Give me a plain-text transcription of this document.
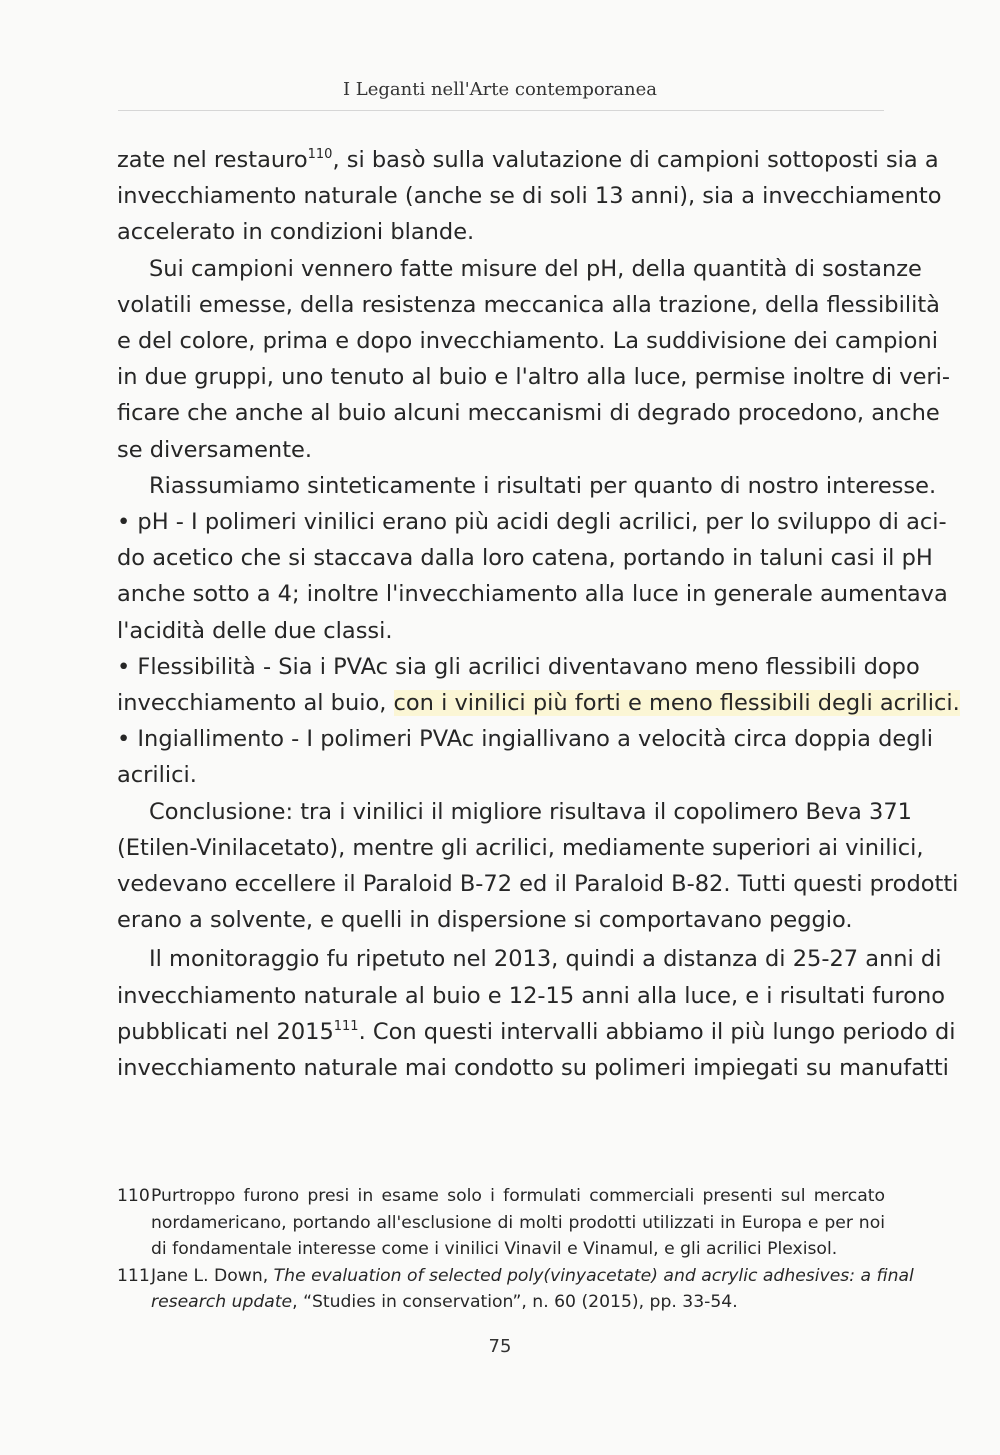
I Leganti nell'Arte contemporanea
zate nel restauro$^{110}$, si basò sulla valutazione di campioni sottoposti sia a
invecchiamento naturale (anche se di soli 13 anni), sia a invecchiamento
accelerato in condizioni blande.
Sui campioni vennero fatte misure del pH, della quantità di sostanze
volatili emesse, della resistenza meccanica alla trazione, della flessibilità
e del colore, prima e dopo invecchiamento. La suddivisione dei campioni
in due gruppi, uno tenuto al buio e l'altro alla luce, permise inoltre di veri-
ficare che anche al buio alcuni meccanismi di degrado procedono, anche
se diversamente.
Riassumiamo sinteticamente i risultati per quanto di nostro interesse.
• pH - I polimeri vinilici erano più acidi degli acrilici, per lo sviluppo di aci-
do acetico che si staccava dalla loro catena, portando in taluni casi il pH
anche sotto a 4; inoltre l'invecchiamento alla luce in generale aumentava
l'acidità delle due classi.
• Flessibilità - Sia i PVAc sia gli acrilici diventavano meno flessibili dopo
invecchiamento al buio, con i vinilici più forti e meno flessibili degli acrilici.
• Ingiallimento - I polimeri PVAc ingiallivano a velocità circa doppia degli
acrilici.
Conclusione: tra i vinilici il migliore risultava il copolimero Beva 371
(Etilen-Vinilacetato), mentre gli acrilici, mediamente superiori ai vinilici,
vedevano eccellere il Paraloid B-72 ed il Paraloid B-82. Tutti questi prodotti
erano a solvente, e quelli in dispersione si comportavano peggio.
Il monitoraggio fu ripetuto nel 2013, quindi a distanza di 25-27 anni di
invecchiamento naturale al buio e 12-15 anni alla luce, e i risultati furono
pubblicati nel 2015$^{111}$. Con questi intervalli abbiamo il più lungo periodo di
invecchiamento naturale mai condotto su polimeri impiegati su manufatti
110Purtroppo furono presi in esame solo i formulati commerciali presenti sul mercato
nordamericano, portando all'esclusione di molti prodotti utilizzati in Europa e per noi
di fondamentale interesse come i vinilici Vinavil e Vinamul, e gli acrilici Plexisol.
111Jane L. Down, The evaluation of selected poly(vinyacetate) and acrylic adhesives: a final
research update, “Studies in conservation”, n. 60 (2015), pp. 33-54.
75
